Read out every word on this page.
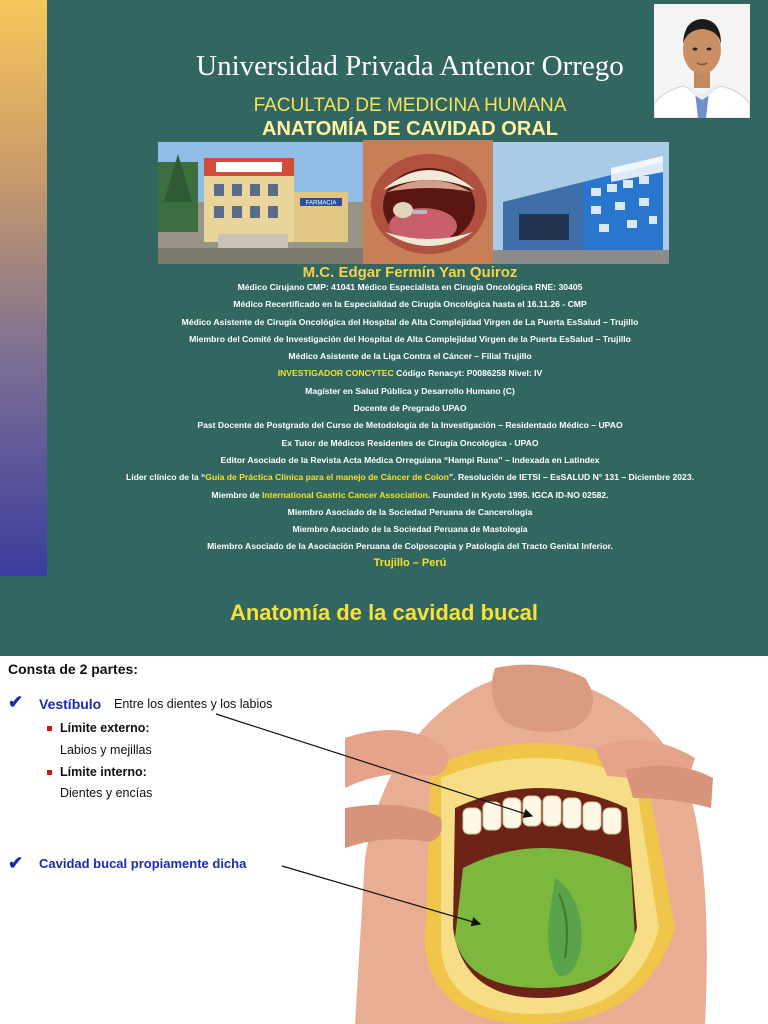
Universidad Privada Antenor Orrego
FACULTAD DE MEDICINA HUMANA
ANATOMÍA DE CAVIDAD ORAL
FARMACIA
M.C. Edgar Fermín Yan Quiroz
Médico Cirujano CMP: 41041 Médico Especialista en Cirugía Oncológica RNE: 30405
Médico Recertificado en la Especialidad de Cirugía Oncológica hasta el 16.11.26 - CMP
Médico Asistente de Cirugía Oncológica del Hospital de Alta Complejidad Virgen de La Puerta EsSalud – Trujillo
Miembro del Comité de Investigación del Hospital de Alta Complejidad Virgen de la Puerta EsSalud – Trujillo
Médico Asistente de la Liga Contra el Cáncer – Filial Trujillo
INVESTIGADOR CONCYTEC Código Renacyt: P0086258 Nivel: IV
Magíster en Salud Pública y Desarrollo Humano (C)
Docente de Pregrado UPAO
Past Docente de Postgrado del Curso de Metodología de la Investigación – Residentado Médico – UPAO
Ex Tutor de Médicos Residentes de Cirugía Oncológica - UPAO
Editor Asociado de la Revista Acta Médica Orreguiana “Hampi Runa” – Indexada en Latindex
Líder clínico de la “Guía de Práctica Clínica para el manejo de Cáncer de Colon”. Resolución de IETSI – EsSALUD N° 131 – Diciembre 2023.
Miembro de International Gastric Cancer Association. Founded in Kyoto 1995. IGCA ID-NO 02582.
Miembro Asociado de la Sociedad Peruana de Cancerología
Miembro Asociado de la Sociedad Peruana de Mastología
Miembro Asociado de la Asociación Peruana de Colposcopia y Patología del Tracto Genital Inferior.
Trujillo – Perú
Anatomía de la cavidad bucal
Consta de 2 partes:
✔ Vestíbulo Entre los dientes y los labios
Límite externo:
Labios y mejillas
Límite interno:
Dientes y encías
✔ Cavidad bucal propiamente dicha
